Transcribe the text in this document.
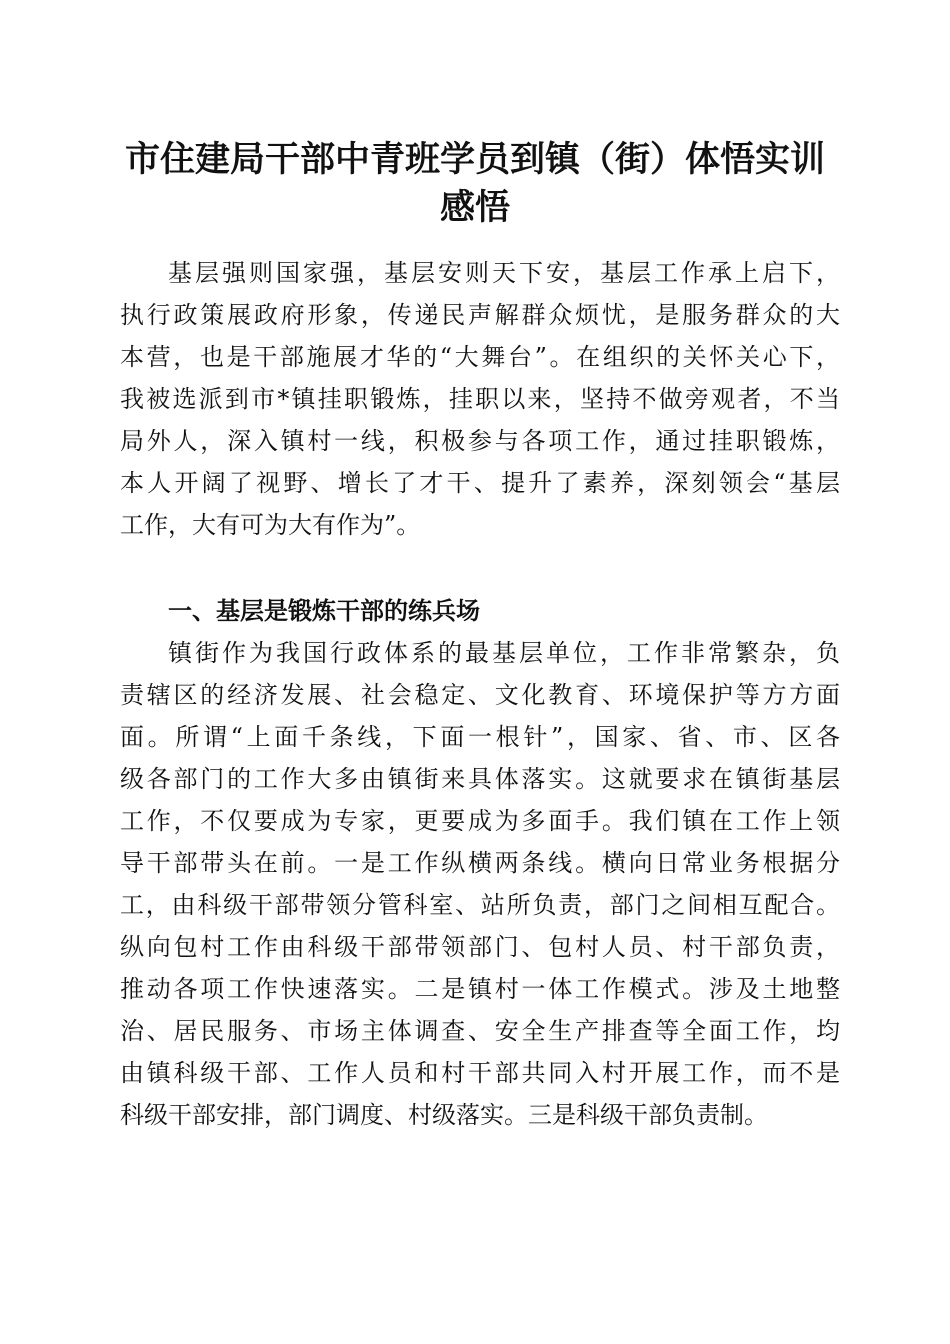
市住建局干部中青班学员到镇（街）体悟实训
感悟
基层强则国家强，基层安则天下安，基层工作承上启下，
执行政策展政府形象，传递民声解群众烦忧，是服务群众的大
本营，也是干部施展才华的“大舞台”。在组织的关怀关心下，
我被选派到市*镇挂职锻炼，挂职以来，坚持不做旁观者，不当
局外人，深入镇村一线，积极参与各项工作，通过挂职锻炼，
本人开阔了视野、增长了才干、提升了素养，深刻领会“基层
工作，大有可为大有作为”。
一、基层是锻炼干部的练兵场
镇街作为我国行政体系的最基层单位，工作非常繁杂，负
责辖区的经济发展、社会稳定、文化教育、环境保护等方方面
面。所谓“上面千条线，下面一根针”，国家、省、市、区各
级各部门的工作大多由镇街来具体落实。这就要求在镇街基层
工作，不仅要成为专家，更要成为多面手。我们镇在工作上领
导干部带头在前。一是工作纵横两条线。横向日常业务根据分
工，由科级干部带领分管科室、站所负责，部门之间相互配合。
纵向包村工作由科级干部带领部门、包村人员、村干部负责，
推动各项工作快速落实。二是镇村一体工作模式。涉及土地整
治、居民服务、市场主体调查、安全生产排查等全面工作，均
由镇科级干部、工作人员和村干部共同入村开展工作，而不是
科级干部安排，部门调度、村级落实。三是科级干部负责制。
